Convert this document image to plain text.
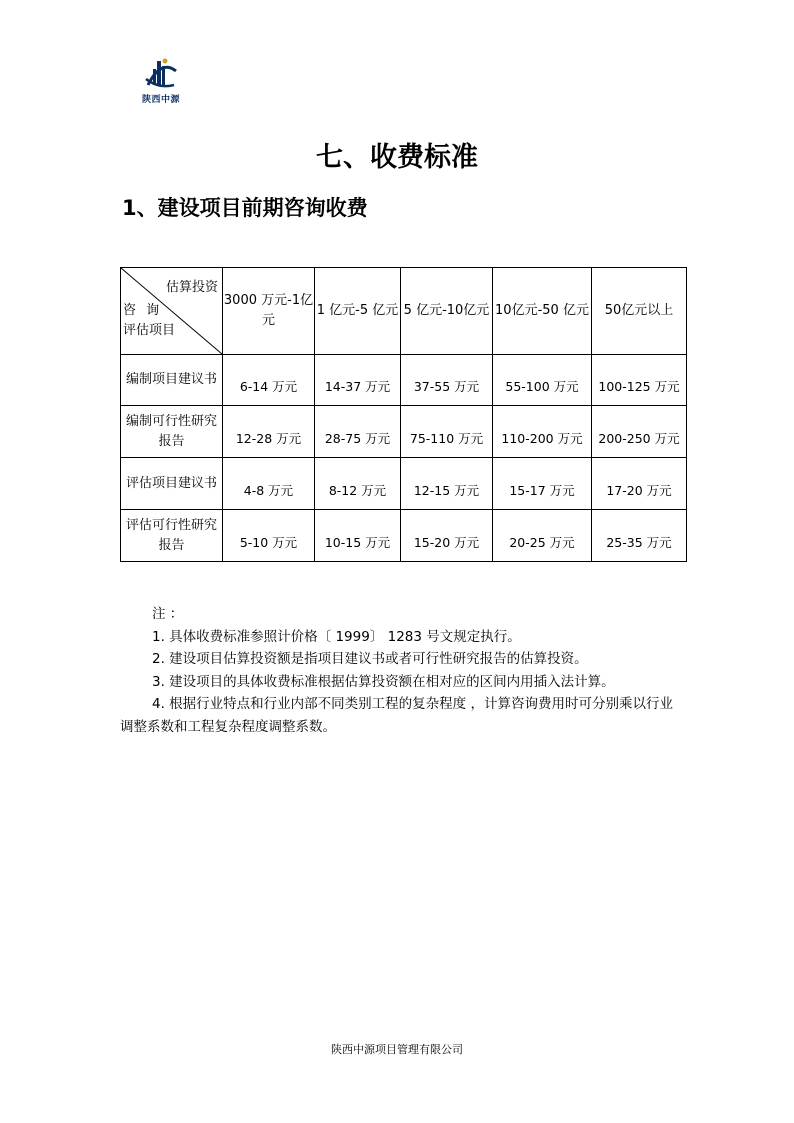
陕西中源
七、收费标准
1、建设项目前期咨询收费
估算投资
咨 询
评估项目	3000 万元-1亿元	1 亿元-5 亿元	5 亿元-10亿元	10亿元-50 亿元	50亿元以上
编制项目建议书	6-14 万元	14-37 万元	37-55 万元	55-100 万元	100-125 万元
编制可行性研究报告	12-28 万元	28-75 万元	75-110 万元	110-200 万元	200-250 万元
评估项目建议书	4-8 万元	8-12 万元	12-15 万元	15-17 万元	17-20 万元
评估可行性研究报告	5-10 万元	10-15 万元	15-20 万元	20-25 万元	25-35 万元

注 ：

1. 具体收费标准参照计价格〔 1999〕 1283 号文规定执行。

2. 建设项目估算投资额是指项目建议书或者可行性研究报告的估算投资。

3. 建设项目的具体收费标准根据估算投资额在相对应的区间内用插入法计算。

4. 根据行业特点和行业内部不同类别工程的复杂程度 ，计算咨询费用时可分别乘以行业 调整系数和工程复杂程度调整系数。

陕西中源项目管理有限公司
